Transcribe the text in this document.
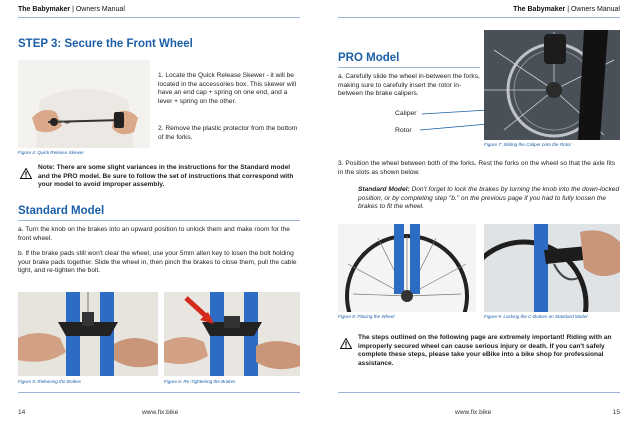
The Babymaker | Owners Manual
STEP 3: Secure the Front Wheel
Figure 4: Quick Release Skewer
1. Locate the Quick Release Skewer - it will be located in the accessories box. This skewer will have an end cap + spring on one end, and a lever + spring on the other.
2. Remove the plastic protector from the bottom of the forks.
Note: There are some slight variances in the instructions for the Standard model and the PRO model. Be sure to follow the set of instructions that correspond with your model to avoid improper assembly.
Standard Model
a. Turn the knob on the brakes into an upward position to unlock them and make room for the front wheel.
b. If the brake pads still won't clear the wheel, use your 5mm allen key to losen the bolt holding your brake pads together. Slide the wheel in, then pinch the brakes to close them, pull the cable tight, and re-tighten the bolt.
Figure 5: Releasing the Brakes	Figure 6: Re-Tightening the Brakes
14	www.fix.bike
The Babymaker | Owners Manual
PRO Model
a. Carefully slide the wheel in-between the forks, making sure to carefully insert the rotor in-between the brake calipers.
Caliper
Rotor
Figure 7: Sliding the Caliper onto the Rotor
3. Position the wheel between both of the forks. Rest the forks on the wheel so that the axle fits in the slots as shown below.
Standard Model: Don't forget to lock the brakes by turning the knob into the down-locked position, or by completing step "b." on the previous page if you had to fully loosen the brakes to fit the wheel.
Figure 8: Placing the Wheel	Figure 9: Locking the C-Brakes on Standard Model
The steps outlined on the following page are extremely important! Riding with an improperly secured wheel can cause serious injury or death. If you can't safely complete these steps, please take your eBike into a bike shop for professional assistance.
www.fix.bike	15
